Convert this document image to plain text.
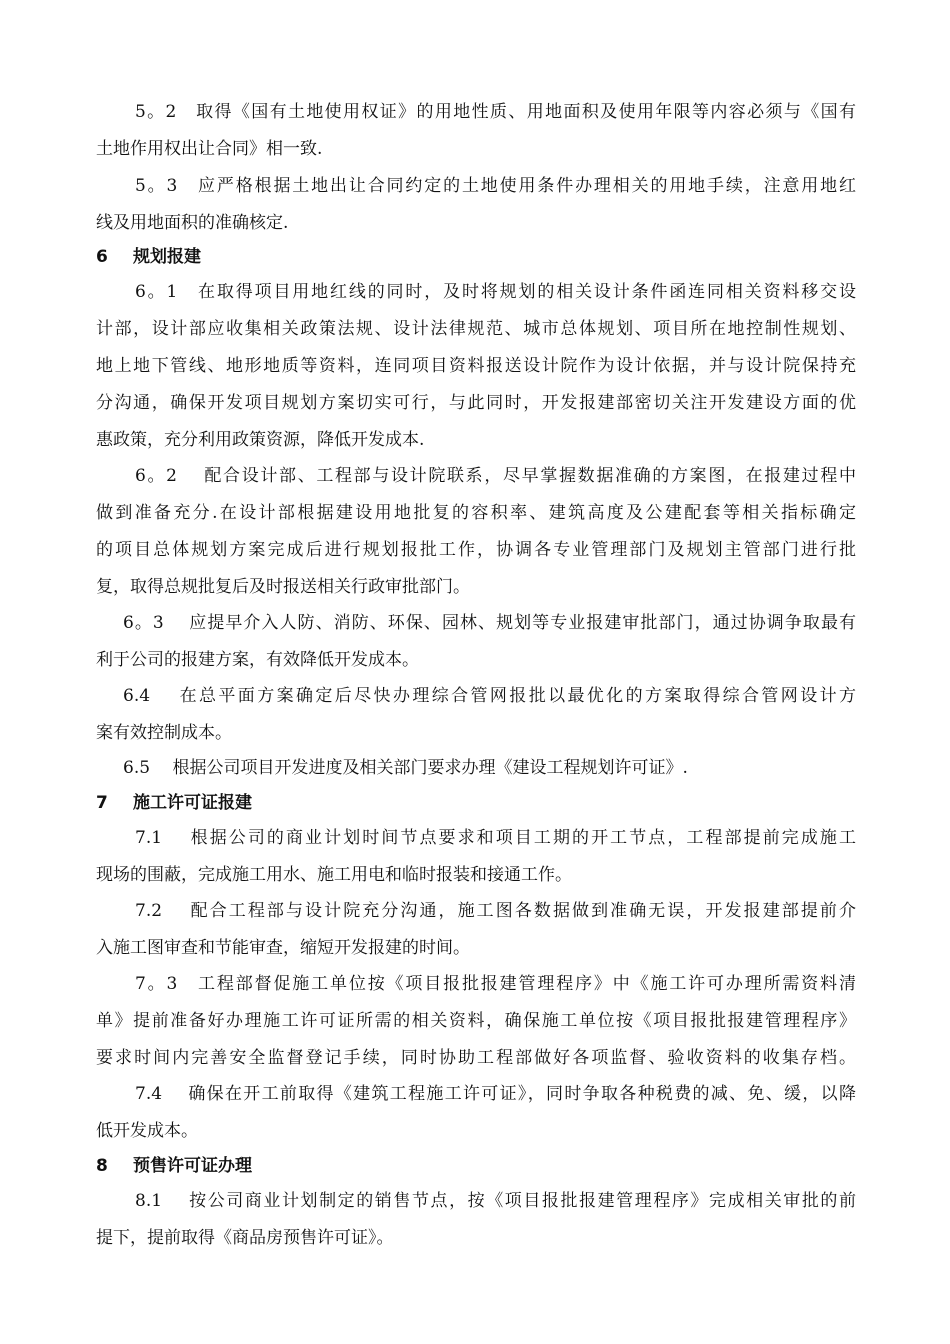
5。2　取得《国有土地使用权证》的用地性质、用地面积及使用年限等内容必须与《国有
土地作用权出让合同》相一致.
5。3　应严格根据土地出让合同约定的土地使用条件办理相关的用地手续，注意用地红
线及用地面积的准确核定.
6 规划报建
6。1　在取得项目用地红线的同时，及时将规划的相关设计条件函连同相关资料移交设
计部，设计部应收集相关政策法规、设计法律规范、城市总体规划、项目所在地控制性规划、
地上地下管线、地形地质等资料，连同项目资料报送设计院作为设计依据，并与设计院保持充
分沟通，确保开发项目规划方案切实可行，与此同时，开发报建部密切关注开发建设方面的优
惠政策，充分利用政策资源，降低开发成本.
6。2　 配合设计部、工程部与设计院联系，尽早掌握数据准确的方案图，在报建过程中
做到准备充分.在设计部根据建设用地批复的容积率、建筑高度及公建配套等相关指标确定
的项目总体规划方案完成后进行规划报批工作，协调各专业管理部门及规划主管部门进行批
复，取得总规批复后及时报送相关行政审批部门。
6。3　 应提早介入人防、消防、环保、园林、规划等专业报建审批部门，通过协调争取最有
利于公司的报建方案，有效降低开发成本。
6.4　 在总平面方案确定后尽快办理综合管网报批以最优化的方案取得综合管网设计方
案有效控制成本。
6.5　 根据公司项目开发进度及相关部门要求办理《建设工程规划许可证》.
7 施工许可证报建
7.1　 根据公司的商业计划时间节点要求和项目工期的开工节点，工程部提前完成施工
现场的围蔽，完成施工用水、施工用电和临时报装和接通工作。
7.2　 配合工程部与设计院充分沟通，施工图各数据做到准确无误，开发报建部提前介
入施工图审查和节能审查，缩短开发报建的时间。
7。3　工程部督促施工单位按《项目报批报建管理程序》中《施工许可办理所需资料清
单》提前准备好办理施工许可证所需的相关资料，确保施工单位按《项目报批报建管理程序》
要求时间内完善安全监督登记手续，同时协助工程部做好各项监督、验收资料的收集存档。
7.4　 确保在开工前取得《建筑工程施工许可证》，同时争取各种税费的减、免、缓，以降
低开发成本。
8 预售许可证办理
8.1　 按公司商业计划制定的销售节点，按《项目报批报建管理程序》完成相关审批的前
提下，提前取得《商品房预售许可证》。
